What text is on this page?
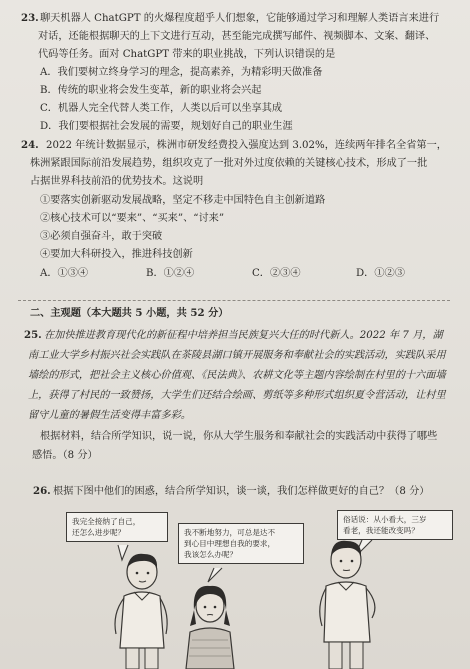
23. 聊天机器人 ChatGPT 的火爆程度超乎人们想象，它能够通过学习和理解人类语言来进行
对话，还能根据聊天的上下文进行互动，甚至能完成撰写邮件、视频脚本、文案、翻译、
代码等任务。面对 ChatGPT 带来的职业挑战，下列认识错误的是
A．我们要树立终身学习的理念，提高素养，为精彩明天做准备
B．传统的职业将会发生变革，新的职业将会兴起
C．机器人完全代替人类工作，人类以后可以坐享其成
D．我们要根据社会发展的需要，规划好自己的职业生涯
24. 2022 年统计数据显示，株洲市研发经费投入强度达到 3.02%，连续两年排名全省第一，
株洲紧跟国际前沿发展趋势，组织攻克了一批对外过度依赖的关键核心技术，形成了一批
占据世界科技前沿的优势技术。这说明
①要落实创新驱动发展战略，坚定不移走中国特色自主创新道路
②核心技术可以“要来”、“买来”、“讨来”
③必须自强奋斗，敢于突破
④要加大科研投入，推进科技创新
A．①③④	B．①②④	C．②③④	D．①②③
二、主观题（本大题共 5 小题，共 52 分）
25. 在加快推进教育现代化的新征程中培养担当民族复兴大任的时代新人。2022 年 7 月，湖
南工业大学乡村振兴社会实践队在茶陵县湖口镇开展服务和奉献社会的实践活动，实践队采用
墙绘的形式，把社会主义核心价值观、《民法典》、农耕文化等主题内容绘制在村里的十六面墙
上，获得了村民的一致赞扬，大学生们还结合绘画、剪纸等多种形式组织夏令营活动，让村里
留守儿童的暑假生活变得丰富多彩。
根据材料，结合所学知识，说一说，你从大学生服务和奉献社会的实践活动中获得了哪些
感悟。（8 分）
26. 根据下图中他们的困惑，结合所学知识，谈一谈，我们怎样做更好的自己？（8 分）
我完全接纳了自己，
还怎么进步呢？	我不断地努力，可总是达不
到心目中理想自我的要求，
我该怎么办呢？
俗话说：从小看大，三岁
看老，我还能改变吗？
